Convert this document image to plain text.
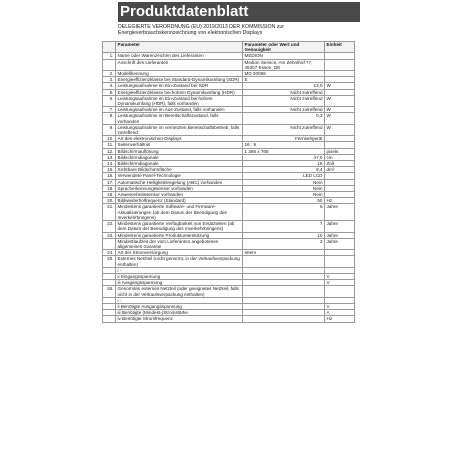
Produktdatenblatt
DELEGIERTE VERORDNUNG (EU) 2019/2013 DER KOMMISSION zur Energieverbrauchskennzeichnung von elektronischen Displays
	Parameter	Parameter oder Wert und Genauigkeit	Einheit
1.	Name oder Warenzeichen des Lieferanten	MEDION	
	Anschrift des Lieferanten	Medion Service, Am Zehnthof 77, 45307 Essen, DE	
2.	Modellkennung	MD 20059	
3.	Energieeffizienzklasse bei Standard-Dynamikumfang (SDR)	E	
4.	Leistungsaufnahme im Ein-Zustand bei SDR	13,0	W
5.	Energieeffizienzklasse bei hohem Dynamikumfang (HDR)	Nicht zutreffend	
6.	Leistungsaufnahme im Ein-Zustand bei hohem Dynamikumfang (HDR), falls vorhanden	Nicht zutreffend	W
7.	Leistungsaufnahme im Aus-Zustand, falls vorhanden	Nicht zutreffend	W
8.	Leistungsaufnahme im Bereitschaftszustand, falls vorhanden	0,3	W
9.	Leistungsaufnahme im vernetzten Bereitschaftsbetrieb, falls zutreffend	Nicht zutreffend	W
10.	Art des elektronischen Displays	Fernsehgerät	
11.	Seitenverhältnis	16 : 9	
12.	Bildschirmauflösung	1 366 x 768	pixels
13.	Bildschirmdiagonale	47,0	cm
14.	Bildschirmdiagonale	19	Zoll
15.	Sichtbare Bildschirmfläche	9,4	dm²
16.	Verwendete Panel-Technologie	LED LCD	
17.	Automatische Helligkeitsregelung (ABC) vorhanden	Nein	
18.	Spracherkennungssensor vorhanden	Nein	
19.	Anwesenheitssensor vorhanden	Nein	
20.	Bildwiederholfrequenz (Standard)	50	Hz
21.	Mindestens garantierte Software- und Firmware-Aktualisierungen (ab dem Datum der Beendigung des Inverkehrbringens)	8	Jahre
22.	Mindestens garantierte Verfügbarkeit von Ersatzteilen (ab dem Datum der Beendigung des Inverkehrbringens)	7	Jahre
23.	Mindestens garantierte Produktunterstützung	10	Jahre
	Mindestlaufzeit der vom Lieferanten angebotenen allgemeinen Garantie	2	Jahre
24.	Art der Stromversorgung	Intern	
25.	Externes Netzteil (nicht genormt, in der Verkaufsverpackung enthalten)		
	i -		
	ii Eingangsspannung		V
	iii Ausgangsspannung		V
26.	Genormtes externes Netzteil (oder geeignetes Netzteil, falls nicht in der Verkaufsverpackung enthalten)		
	i -		
	ii Benötigte Ausgangsspannung		V
	iii Benötigte (Mindest-)Stromstärke		A
	iv Benötigte Stromfrequenz		Hz
